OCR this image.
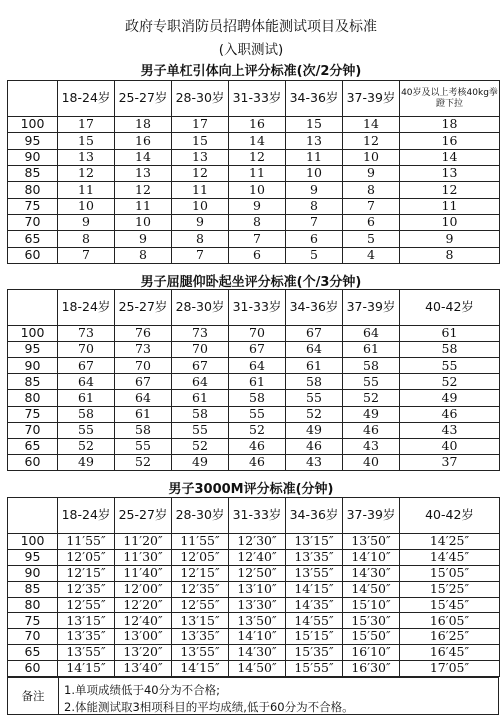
政府专职消防员招聘体能测试项目及标准
(入职测试)
男子单杠引体向上评分标准(次/2分钟)
	18-24岁	25-27岁	28-30岁	31-33岁	34-36岁	37-39岁	40岁及以上考核40kg拳蹬下拉
100	17	18	17	16	15	14	18
95	15	16	15	14	13	12	16
90	13	14	13	12	11	10	14
85	12	13	12	11	10	9	13
80	11	12	11	10	9	8	12
75	10	11	10	9	8	7	11
70	9	10	9	8	7	6	10
65	8	9	8	7	6	5	9
60	7	8	7	6	5	4	8
男子屈腿仰卧起坐评分标准(个/3分钟)
	18-24岁	25-27岁	28-30岁	31-33岁	34-36岁	37-39岁	40-42岁
100	73	76	73	70	67	64	61
95	70	73	70	67	64	61	58
90	67	70	67	64	61	58	55
85	64	67	64	61	58	55	52
80	61	64	61	58	55	52	49
75	58	61	58	55	52	49	46
70	55	58	55	52	49	46	43
65	52	55	52	46	46	43	40
60	49	52	49	46	43	40	37
男子3000M评分标准(分钟)
	18-24岁	25-27岁	28-30岁	31-33岁	34-36岁	37-39岁	40-42岁
100	11′55″	11′20″	11′55″	12′30″	13′15″	13′50″	14′25″
95	12′05″	11′30″	12′05″	12′40″	13′35″	14′10″	14′45″
90	12′15″	11′40″	12′15″	12′50″	13′55″	14′30″	15′05″
85	12′35″	12′00″	12′35″	13′10″	14′15″	14′50″	15′25″
80	12′55″	12′20″	12′55″	13′30″	14′35″	15′10″	15′45″
75	13′15″	12′40″	13′15″	13′50″	14′55″	15′30″	16′05″
70	13′35″	13′00″	13′35″	14′10″	15′15″	15′50″	16′25″
65	13′55″	13′20″	13′55″	14′30″	15′35″	16′10″	16′45″
60	14′15″	13′40″	14′15″	14′50″	15′55″	16′30″	17′05″
备注	1.单项成绩低于40分为不合格;
2.体能测试取3相项科目的平均成绩,低于60分为不合格。
